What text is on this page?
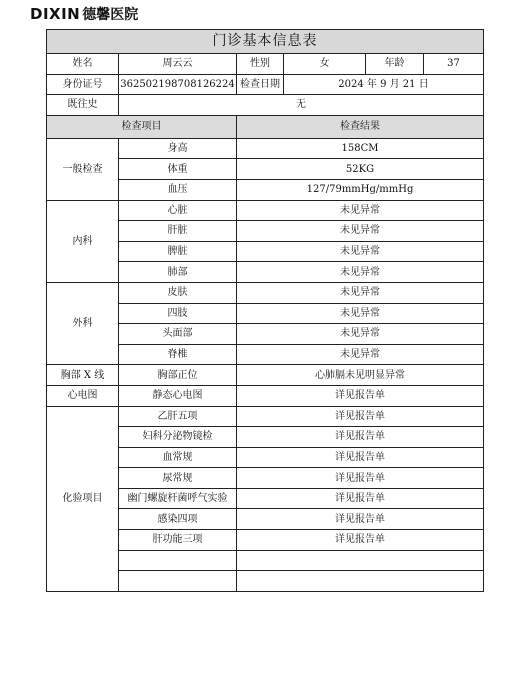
DIXIN 德馨医院
门诊基本信息表					
姓名	周云云	性别	女	年龄	37
身份证号	362502198708126224	检查日期	2024 年 9 月 21 日		
既往史	无				
检查项目		检查结果			
一般检查	身高	158CM			
	体重	52KG			
	血压	127/79mmHg/mmHg			
内科	心脏	未见异常			
	肝脏	未见异常			
	脾脏	未见异常			
	肺部	未见异常			
外科	皮肤	未见异常			
	四肢	未见异常			
	头面部	未见异常			
	脊椎	未见异常			
胸部 X 线	胸部正位	心肺膈未见明显异常			
心电图	静态心电图	详见报告单			
化验项目	乙肝五项	详见报告单			
	妇科分泌物镜检	详见报告单			
	血常规	详见报告单			
	尿常规	详见报告单			
	幽门螺旋杆菌呼气实验	详见报告单			
	感染四项	详见报告单			
	肝功能三项	详见报告单			
